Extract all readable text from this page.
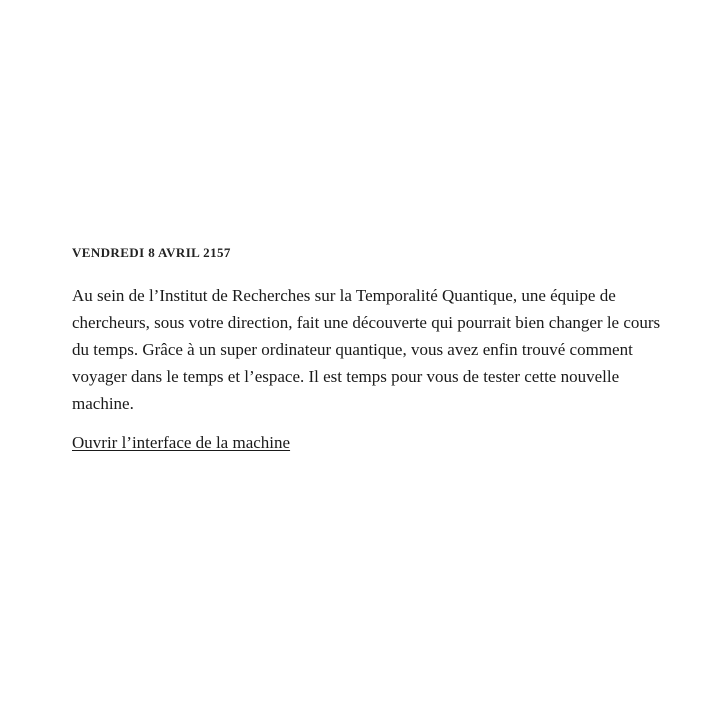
VENDREDI 8 AVRIL 2157

Au sein de l’Institut de Recherches sur la Temporalité Quantique, une équipe de chercheurs, sous votre direction, fait une découverte qui pourrait bien changer le cours du temps. Grâce à un super ordinateur quantique, vous avez enfin trouvé comment voyager dans le temps et l’espace. Il est temps pour vous de tester cette nouvelle machine.

Ouvrir l’interface de la machine
